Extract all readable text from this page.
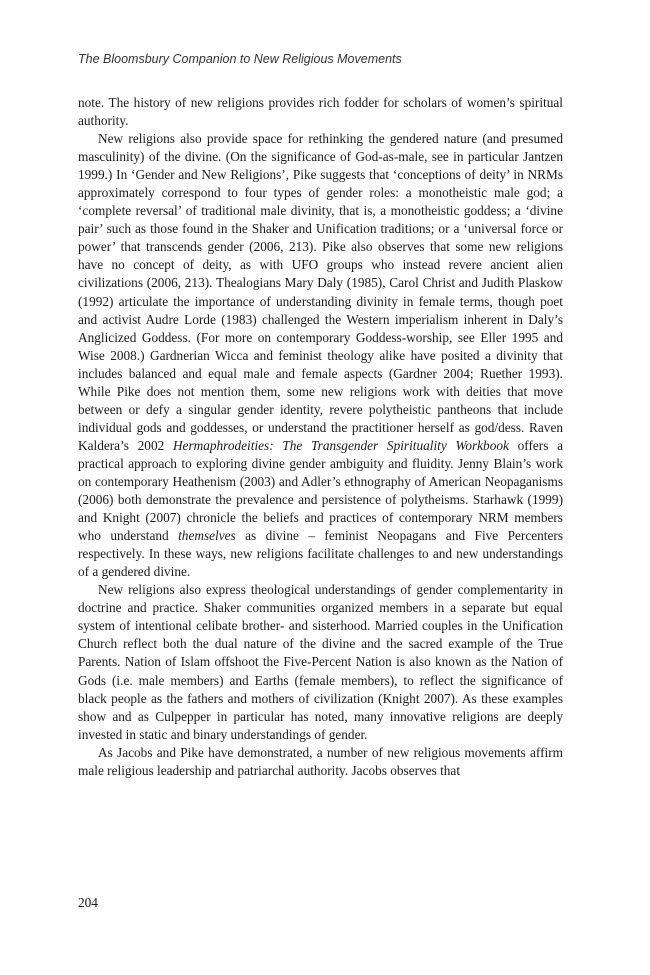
The Bloomsbury Companion to New Religious Movements

note. The history of new religions provides rich fodder for scholars of women’s spiritual authority.

New religions also provide space for rethinking the gendered nature (and presumed masculinity) of the divine. (On the significance of God-as-male, see in particular Jantzen 1999.) In ‘Gender and New Religions’, Pike suggests that ‘conceptions of deity’ in NRMs approximately correspond to four types of gender roles: a monotheistic male god; a ‘complete reversal’ of traditional male divinity, that is, a monotheistic goddess; a ‘divine pair’ such as those found in the Shaker and Unification traditions; or a ‘universal force or power’ that transcends gender (2006, 213). Pike also observes that some new religions have no concept of deity, as with UFO groups who instead revere ancient alien civilizations (2006, 213). Thealogians Mary Daly (1985), Carol Christ and Judith Plaskow (1992) articulate the importance of understanding divinity in female terms, though poet and activist Audre Lorde (1983) challenged the Western imperialism inherent in Daly’s Anglicized Goddess. (For more on contemporary Goddess-worship, see Eller 1995 and Wise 2008.) Gardnerian Wicca and feminist theology alike have posited a divinity that includes balanced and equal male and female aspects (Gardner 2004; Ruether 1993). While Pike does not mention them, some new religions work with deities that move between or defy a singular gender identity, revere polytheistic pantheons that include individual gods and goddesses, or understand the practitioner herself as god/dess. Raven Kaldera’s 2002 Hermaphrodeities: The Transgender Spirituality Workbook offers a practical approach to exploring divine gender ambiguity and fluidity. Jenny Blain’s work on contemporary Heathenism (2003) and Adler’s ethnography of American Neopaganisms (2006) both demonstrate the prevalence and persistence of polytheisms. Starhawk (1999) and Knight (2007) chronicle the beliefs and practices of contemporary NRM members who understand themselves as divine – feminist Neopagans and Five Percenters respectively. In these ways, new religions facilitate challenges to and new understandings of a gendered divine.

New religions also express theological understandings of gender complementarity in doctrine and practice. Shaker communities organized members in a separate but equal system of intentional celibate brother- and sisterhood. Married couples in the Unification Church reflect both the dual nature of the divine and the sacred example of the True Parents. Nation of Islam offshoot the Five-Percent Nation is also known as the Nation of Gods (i.e. male members) and Earths (female members), to reflect the significance of black people as the fathers and mothers of civilization (Knight 2007). As these examples show and as Culpepper in particular has noted, many innovative religions are deeply invested in static and binary understandings of gender.

As Jacobs and Pike have demonstrated, a number of new religious movements affirm male religious leadership and patriarchal authority. Jacobs observes that

204
